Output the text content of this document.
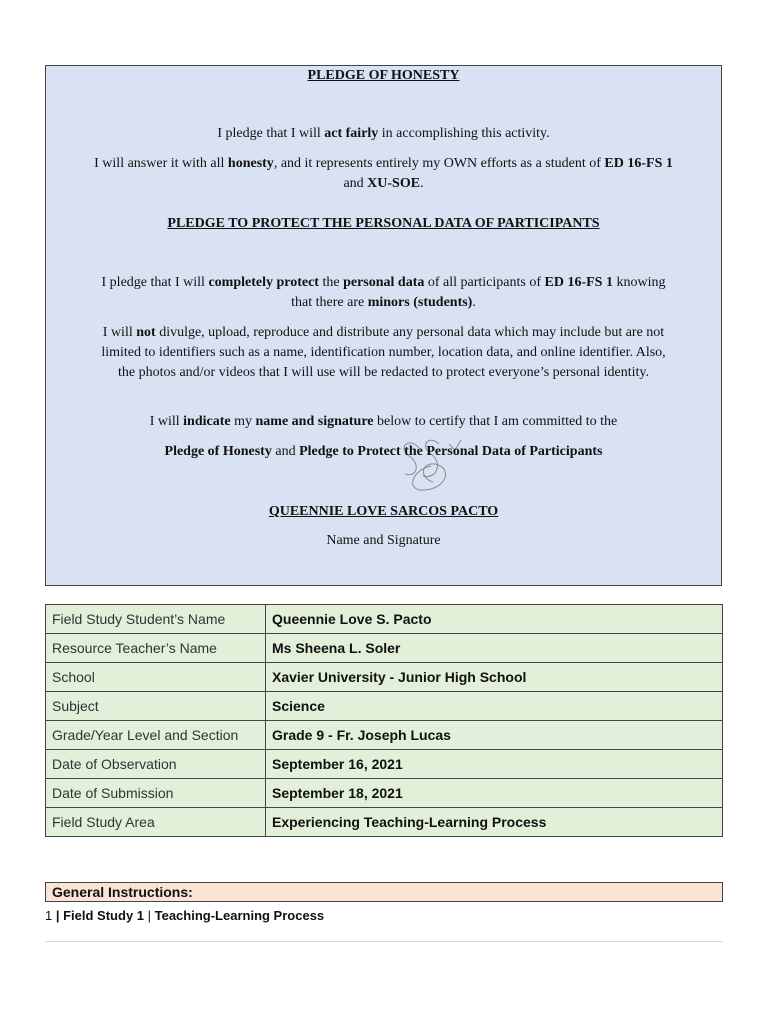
PLEDGE OF HONESTY
I pledge that I will act fairly in accomplishing this activity.
I will answer it with all honesty, and it represents entirely my OWN efforts as a student of ED 16-FS 1
and XU-SOE.
PLEDGE TO PROTECT THE PERSONAL DATA OF PARTICIPANTS
I pledge that I will completely protect the personal data of all participants of ED 16-FS 1 knowing
that there are minors (students).
I will not divulge, upload, reproduce and distribute any personal data which may include but are not
limited to identifiers such as a name, identification number, location data, and online identifier. Also,
the photos and/or videos that I will use will be redacted to protect everyone’s personal identity.
I will indicate my name and signature below to certify that I am committed to the
Pledge of Honesty and Pledge to Protect the Personal Data of Participants
QUEENNIE LOVE SARCOS PACTO
Name and Signature
Field Study Student’s Name	Queennie Love S. Pacto
Resource Teacher’s Name	Ms Sheena L. Soler
School	Xavier University - Junior High School
Subject	Science
Grade/Year Level and Section	Grade 9 - Fr. Joseph Lucas
Date of Observation	September 16, 2021
Date of Submission	September 18, 2021
Field Study Area	Experiencing Teaching-Learning Process
General Instructions:
1 | Field Study 1 | Teaching-Learning Process
